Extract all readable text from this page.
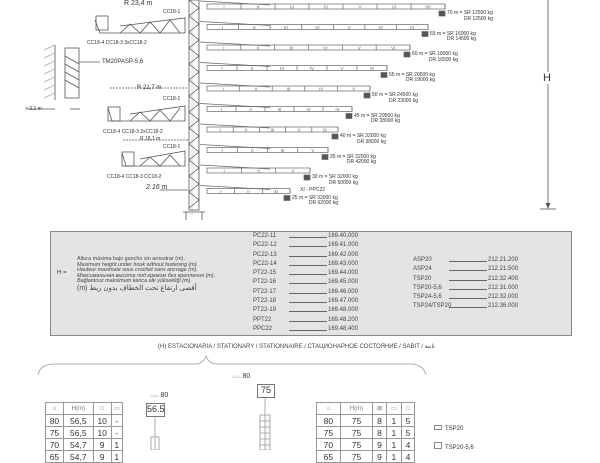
I	II	III	IV	V	VI	VII
I	II	III	IV	V	VI	IX
I	II	III	IV	V	VI
I	II	III	IV	V	IX
I	II	III	IV	V
I	II	III	IV	IX
I	II	III	V	IX
I	II	III	V
I	II	V
I	II	XI
R 23,4 m
CC18-1
CC18-4 CC18-3 3xCC18-2
TM20PASP-5,6
> 3,1 m
R 21,7 m
CC18-1
CC18-4 CC18-3 2xCC18-2
R 18,1 m
CC18-1
CC18-4 CC18-3 CC18-2
2.16 m
H
XI - PPC22
70 m = SR 12500 kg
DR 12500 kg
65 m = SR 16000 kg
DR 14500 kg
60 m = SR 18000 kg
DR 16500 kg
55 m = SR 20500 kg
DR 19000 kg
50 m = SR 24500 kg
DR 23000 kg
45 m = SR 29500 kg
DR 28000 kg
40 m = SR 32000 kg
DR 38000 kg
35 m = SR 32000 kg
DR 42000 kg
30 m = SR 32000 kg
DR 50000 kg
25 m = SR 32000 kg
DR 62000 kg
H =
Altura máxima bajo gancho sin arriostrar (m).
Maximum height under hook without fastening (m).
Hauteur maximale sous crochet sans ancrage (m).
Максимальная высота под крюком без крепления (m).
Bağlantısız maksimum kanca altı yüksekliği (m).
(m) أقصى ارتفاع تحت الخطاف بدون ربط
PC22-11	169.40.000
PC22-12	169.41.000
PC22-13	169.42.000
PC22-14	169.43.000
PT22-15	169.44.000
PT22-16	169.45.000
PT22-17	169.46.000
PT22-18	169.47.000
PT22-19	169.48.000
PPT22	169.48.200
PPC22	169.48.400
ASP20	212.21.200
ASP24	212.21.500
TSP20	212.32.400
TSP20-5,6	212.31.000
TSP24-5,6	212.32.000
TSP24/TSP20	212.36.000
(H) ESTACIONARIA / STATIONARY / STATIONNAIRE / СТАЦИОНАРНОЕ СОСТОЯНИЕ / SABIT / ثابتة
⌂⌂⌂ 80
56.5
⌂⌂⌂ 80
75
⌂	H(m)	□	▭
80	56,5	10	-
75	56,5	10	-
70	54,7	9	1
65	54,7	9	1
⌂	H(m)	⊠	▭	□
80	75	8	1	5
75	75	8	1	5
70	75	9	1	4
65	75	9	1	4
TSP20
TSP20-5,6
